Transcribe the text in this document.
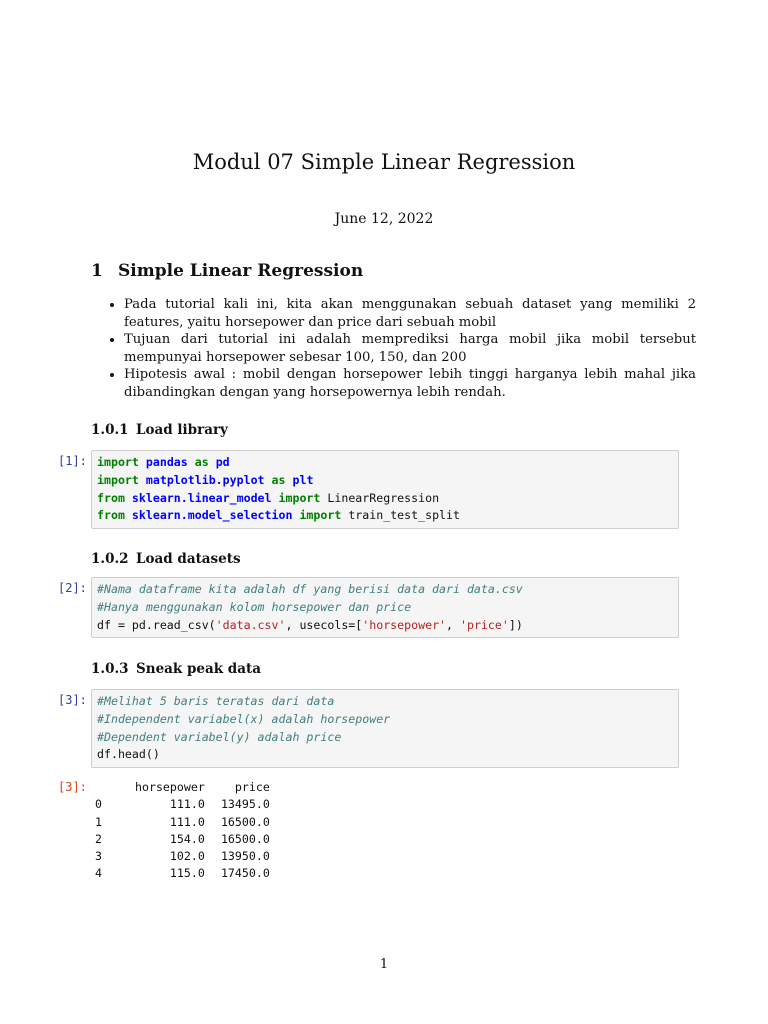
Modul 07 Simple Linear Regression
June 12, 2022
1 Simple Linear Regression
• Pada tutorial kali ini, kita akan menggunakan sebuah dataset yang memiliki 2 features, yaitu horsepower dan price dari sebuah mobil
• Tujuan dari tutorial ini adalah memprediksi harga mobil jika mobil tersebut mempunyai horsepower sebesar 100, 150, dan 200
• Hipotesis awal : mobil dengan horsepower lebih tinggi harganya lebih mahal jika dibandingkan dengan yang horsepowernya lebih rendah.
1.0.1 Load library
[1]: import pandas as pd
import matplotlib.pyplot as plt
from sklearn.linear_model import LinearRegression
from sklearn.model_selection import train_test_split
1.0.2 Load datasets
[2]: #Nama dataframe kita adalah df yang berisi data dari data.csv
#Hanya menggunakan kolom horsepower dan price
df = pd.read_csv('data.csv', usecols=['horsepower', 'price'])
1.0.3 Sneak peak data
[3]: #Melihat 5 baris teratas dari data
#Independent variabel(x) adalah horsepower
#Dependent variabel(y) adalah price
df.head()
[3]:
		horsepower	price
0	111.0	13495.0
1	111.0	16500.0
2	154.0	16500.0
3	102.0	13950.0
4	115.0	17450.0
1
